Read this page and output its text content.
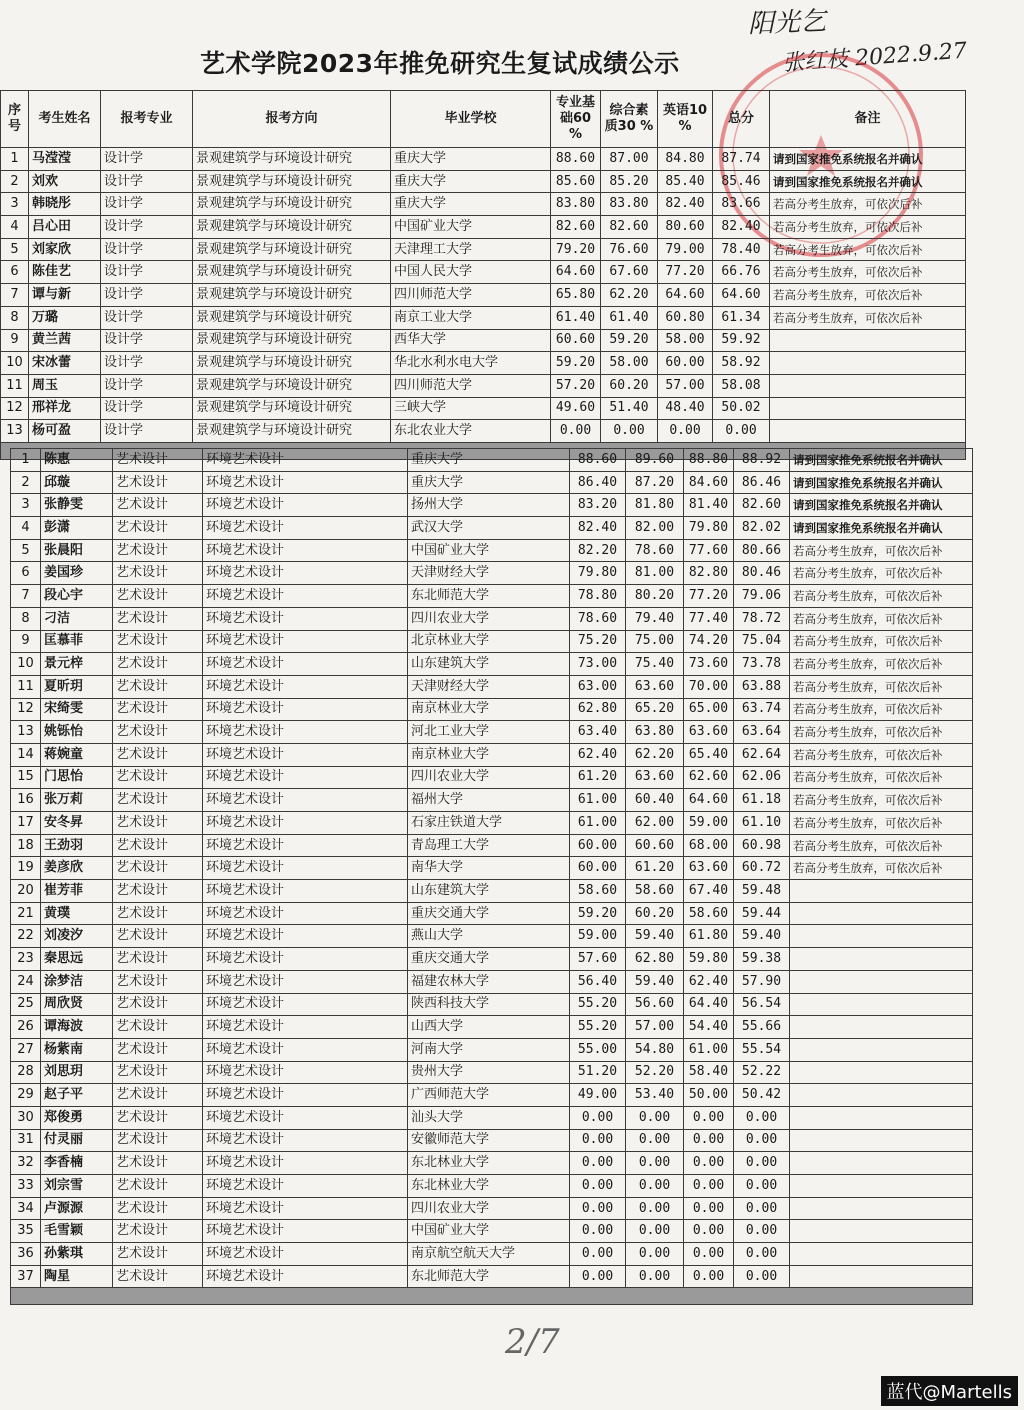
艺术学院2023年推免研究生复试成绩公示
阳光乞
张红枝 2022.9.27
序号	考生姓名	报考专业	报考方向	毕业学校	专业基础60 %	综合素质30 %	英语10 %	总分	备注
1	马滢滢	设计学	景观建筑学与环境设计研究	重庆大学	88.60	87.00	84.80	87.74	请到国家推免系统报名并确认
2	刘欢	设计学	景观建筑学与环境设计研究	重庆大学	85.60	85.20	85.40	85.46	请到国家推免系统报名并确认
3	韩晓彤	设计学	景观建筑学与环境设计研究	重庆大学	83.80	83.80	82.40	83.66	若高分考生放弃，可依次后补
4	吕心田	设计学	景观建筑学与环境设计研究	中国矿业大学	82.60	82.60	80.60	82.40	若高分考生放弃，可依次后补
5	刘家欣	设计学	景观建筑学与环境设计研究	天津理工大学	79.20	76.60	79.00	78.40	若高分考生放弃，可依次后补
6	陈佳艺	设计学	景观建筑学与环境设计研究	中国人民大学	64.60	67.60	77.20	66.76	若高分考生放弃，可依次后补
7	谭与新	设计学	景观建筑学与环境设计研究	四川师范大学	65.80	62.20	64.60	64.60	若高分考生放弃，可依次后补
8	万璐	设计学	景观建筑学与环境设计研究	南京工业大学	61.40	61.40	60.80	61.34	若高分考生放弃，可依次后补
9	黄兰茜	设计学	景观建筑学与环境设计研究	西华大学	60.60	59.20	58.00	59.92	
10	宋冰蕾	设计学	景观建筑学与环境设计研究	华北水利水电大学	59.20	58.00	60.00	58.92	
11	周玉	设计学	景观建筑学与环境设计研究	四川师范大学	57.20	60.20	57.00	58.08	
12	邢祥龙	设计学	景观建筑学与环境设计研究	三峡大学	49.60	51.40	48.40	50.02	
13	杨可盈	设计学	景观建筑学与环境设计研究	东北农业大学	0.00	0.00	0.00	0.00	

1	陈惠	艺术设计	环境艺术设计	重庆大学	88.60	89.60	88.80	88.92	请到国家推免系统报名并确认
2	邱璇	艺术设计	环境艺术设计	重庆大学	86.40	87.20	84.60	86.46	请到国家推免系统报名并确认
3	张静雯	艺术设计	环境艺术设计	扬州大学	83.20	81.80	81.40	82.60	请到国家推免系统报名并确认
4	彭潇	艺术设计	环境艺术设计	武汉大学	82.40	82.00	79.80	82.02	请到国家推免系统报名并确认
5	张晨阳	艺术设计	环境艺术设计	中国矿业大学	82.20	78.60	77.60	80.66	若高分考生放弃，可依次后补
6	姜国珍	艺术设计	环境艺术设计	天津财经大学	79.80	81.00	82.80	80.46	若高分考生放弃，可依次后补
7	段心宇	艺术设计	环境艺术设计	东北师范大学	78.80	80.20	77.20	79.06	若高分考生放弃，可依次后补
8	刁洁	艺术设计	环境艺术设计	四川农业大学	78.60	79.40	77.40	78.72	若高分考生放弃，可依次后补
9	匡慕菲	艺术设计	环境艺术设计	北京林业大学	75.20	75.00	74.20	75.04	若高分考生放弃，可依次后补
10	景元梓	艺术设计	环境艺术设计	山东建筑大学	73.00	75.40	73.60	73.78	若高分考生放弃，可依次后补
11	夏昕玥	艺术设计	环境艺术设计	天津财经大学	63.00	63.60	70.00	63.88	若高分考生放弃，可依次后补
12	宋绮雯	艺术设计	环境艺术设计	南京林业大学	62.80	65.20	65.00	63.74	若高分考生放弃，可依次后补
13	姚铄怡	艺术设计	环境艺术设计	河北工业大学	63.40	63.80	63.60	63.64	若高分考生放弃，可依次后补
14	蒋婉童	艺术设计	环境艺术设计	南京林业大学	62.40	62.20	65.40	62.64	若高分考生放弃，可依次后补
15	门思怡	艺术设计	环境艺术设计	四川农业大学	61.20	63.60	62.60	62.06	若高分考生放弃，可依次后补
16	张万莉	艺术设计	环境艺术设计	福州大学	61.00	60.40	64.60	61.18	若高分考生放弃，可依次后补
17	安冬昇	艺术设计	环境艺术设计	石家庄铁道大学	61.00	62.00	59.00	61.10	若高分考生放弃，可依次后补
18	王劲羽	艺术设计	环境艺术设计	青岛理工大学	60.00	60.60	68.00	60.98	若高分考生放弃，可依次后补
19	姜彦欣	艺术设计	环境艺术设计	南华大学	60.00	61.20	63.60	60.72	若高分考生放弃，可依次后补
20	崔芳菲	艺术设计	环境艺术设计	山东建筑大学	58.60	58.60	67.40	59.48	
21	黄璞	艺术设计	环境艺术设计	重庆交通大学	59.20	60.20	58.60	59.44	
22	刘凌汐	艺术设计	环境艺术设计	燕山大学	59.00	59.40	61.80	59.40	
23	秦思远	艺术设计	环境艺术设计	重庆交通大学	57.60	62.80	59.80	59.38	
24	涂梦洁	艺术设计	环境艺术设计	福建农林大学	56.40	59.40	62.40	57.90	
25	周欣贤	艺术设计	环境艺术设计	陕西科技大学	55.20	56.60	64.40	56.54	
26	谭海波	艺术设计	环境艺术设计	山西大学	55.20	57.00	54.40	55.66	
27	杨紫南	艺术设计	环境艺术设计	河南大学	55.00	54.80	61.00	55.54	
28	刘思玥	艺术设计	环境艺术设计	贵州大学	51.20	52.20	58.40	52.22	
29	赵子平	艺术设计	环境艺术设计	广西师范大学	49.00	53.40	50.00	50.42	
30	郑俊勇	艺术设计	环境艺术设计	汕头大学	0.00	0.00	0.00	0.00	
31	付灵丽	艺术设计	环境艺术设计	安徽师范大学	0.00	0.00	0.00	0.00	
32	李香楠	艺术设计	环境艺术设计	东北林业大学	0.00	0.00	0.00	0.00	
33	刘宗雪	艺术设计	环境艺术设计	东北林业大学	0.00	0.00	0.00	0.00	
34	卢源源	艺术设计	环境艺术设计	四川农业大学	0.00	0.00	0.00	0.00	
35	毛雪颖	艺术设计	环境艺术设计	中国矿业大学	0.00	0.00	0.00	0.00	
36	孙紫琪	艺术设计	环境艺术设计	南京航空航天大学	0.00	0.00	0.00	0.00	
37	陶星	艺术设计	环境艺术设计	东北师范大学	0.00	0.00	0.00	0.00	

2/7
蓝代@Martells
